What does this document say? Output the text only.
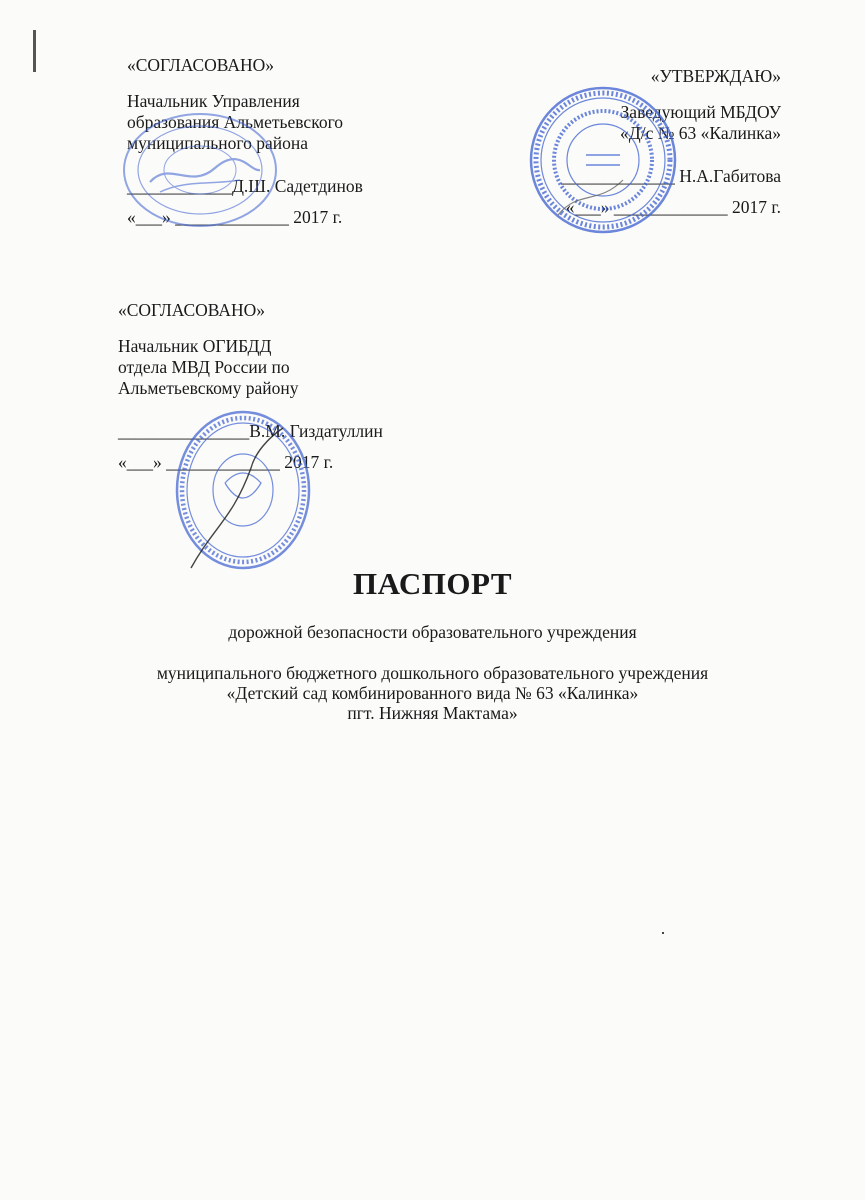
«СОГЛАСОВАНО»
Начальник Управления
образования Альметьевского
муниципального района
____________Д.Ш. Садетдинов
«___» _____________ 2017 г.
«УТВЕРЖДАЮ»
Заведующий МБДОУ
«Д/с № 63 «Калинка»
_____________ Н.А.Габитова
«___» _____________ 2017 г.
«СОГЛАСОВАНО»
Начальник ОГИБДД
отдела МВД России по
Альметьевскому району
_______________В.М. Гиздатуллин
«___» _____________ 2017 г.
ПАСПОРТ
дорожной безопасности образовательного учреждения
муниципального бюджетного дошкольного образовательного учреждения
«Детский сад комбинированного вида № 63 «Калинка»
пгт. Нижняя Мактама»
